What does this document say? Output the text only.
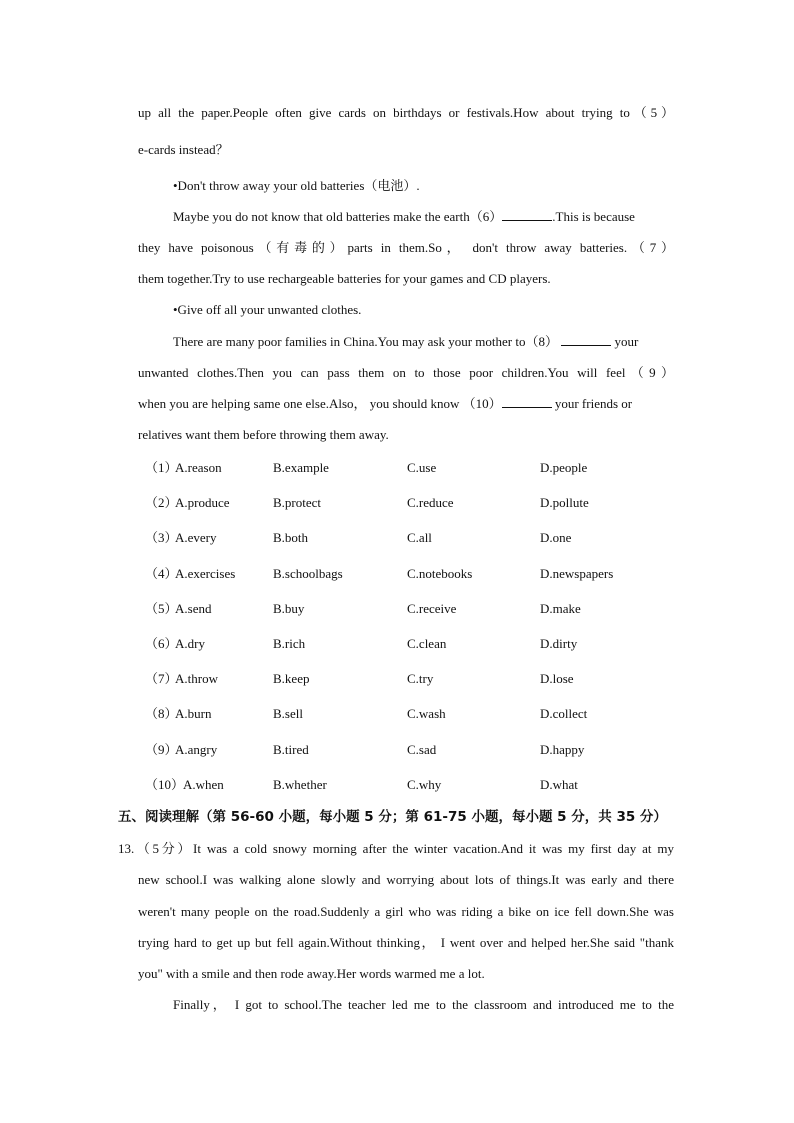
up all the paper.People often give cards on birthdays or festivals.How about trying to（5）
e-cards instead？
•Don't throw away your old batteries（电池）.
Maybe you do not know that old batteries make the earth（6）	.This is because
they have poisonous（有毒的）parts in them.So， don't throw away batteries.（7）
them together.Try to use rechargeable batteries for your games and CD players.
•Give off all your unwanted clothes.
There are many poor families in China.You may ask your mother to（8）	your
unwanted clothes.Then you can pass them on to those poor children.You will feel（9）
when you are helping same one else.Also， you should know （10）	your friends or
relatives want them before throwing them away.
（1）
A.reason	B.example	C.use	D.people
（2）
A.produce	B.protect	C.reduce	D.pollute
（3）
A.every	B.both	C.all	D.one
（4）
A.exercises	B.schoolbags	C.notebooks	D.newspapers
（5）
A.send	B.buy	C.receive	D.make
（6）
A.dry	B.rich	C.clean	D.dirty
（7）
A.throw	B.keep	C.try	D.lose
（8）
A.burn	B.sell	C.wash	D.collect
（9）
A.angry	B.tired	C.sad	D.happy
（10）
A.when	B.whether	C.why	D.what
五、阅读理解（第 56-60 小题，每小题 5 分；第 61-75 小题，每小题 5 分，共 35 分）
13.（5分）It was a cold snowy morning after the winter vacation.And it was my first day at my
new school.I was walking alone slowly and worrying about lots of things.It was early and there
weren't many people on the road.Suddenly a girl who was riding a bike on ice fell down.She was
trying hard to get up but fell again.Without thinking， I went over and helped her.She said "thank
you" with a smile and then rode away.Her words warmed me a lot.
Finally， I got to school.The teacher led me to the classroom and introduced me to the
